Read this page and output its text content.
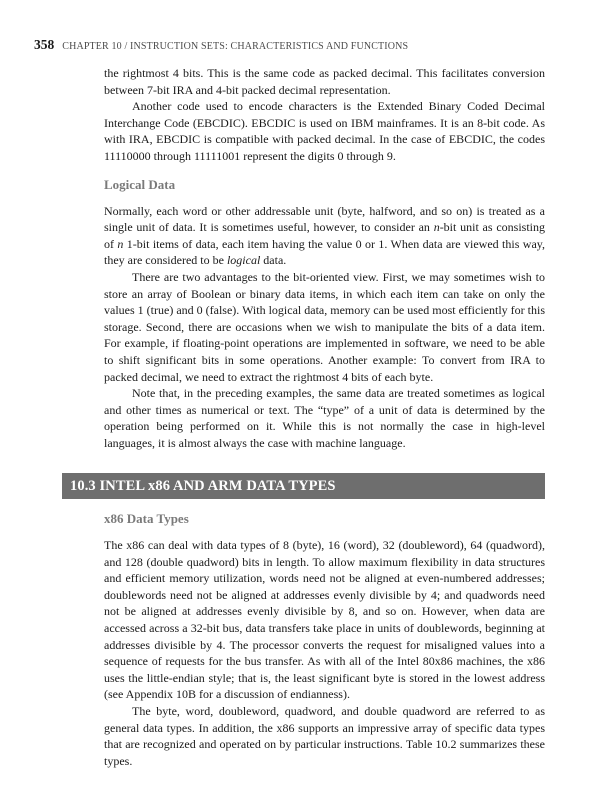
358 CHAPTER 10 / INSTRUCTION SETS: CHARACTERISTICS AND FUNCTIONS

the rightmost 4 bits. This is the same code as packed decimal. This facilitates conversion between 7-bit IRA and 4-bit packed decimal representation.

Another code used to encode characters is the Extended Binary Coded Decimal Interchange Code (EBCDIC). EBCDIC is used on IBM mainframes. It is an 8-bit code. As with IRA, EBCDIC is compatible with packed decimal. In the case of EBCDIC, the codes 11110000 through 11111001 represent the digits 0 through 9.

Logical Data

Normally, each word or other addressable unit (byte, halfword, and so on) is treated as a single unit of data. It is sometimes useful, however, to consider an n-bit unit as consisting of n 1-bit items of data, each item having the value 0 or 1. When data are viewed this way, they are considered to be logical data.

There are two advantages to the bit-oriented view. First, we may sometimes wish to store an array of Boolean or binary data items, in which each item can take on only the values 1 (true) and 0 (false). With logical data, memory can be used most efficiently for this storage. Second, there are occasions when we wish to manipulate the bits of a data item. For example, if floating-point operations are implemented in software, we need to be able to shift significant bits in some operations. Another example: To convert from IRA to packed decimal, we need to extract the rightmost 4 bits of each byte.

Note that, in the preceding examples, the same data are treated sometimes as logical and other times as numerical or text. The “type” of a unit of data is determined by the operation being performed on it. While this is not normally the case in high-level languages, it is almost always the case with machine language.

10.3 INTEL x86 AND ARM DATA TYPES
x86 Data Types

The x86 can deal with data types of 8 (byte), 16 (word), 32 (doubleword), 64 (quadword), and 128 (double quadword) bits in length. To allow maximum flexibility in data structures and efficient memory utilization, words need not be aligned at even-numbered addresses; doublewords need not be aligned at addresses evenly divisible by 4; and quadwords need not be aligned at addresses evenly divisible by 8, and so on. However, when data are accessed across a 32-bit bus, data transfers take place in units of doublewords, beginning at addresses divisible by 4. The processor converts the request for misaligned values into a sequence of requests for the bus transfer. As with all of the Intel 80x86 machines, the x86 uses the little-endian style; that is, the least significant byte is stored in the lowest address (see Appendix 10B for a discussion of endianness).

The byte, word, doubleword, quadword, and double quadword are referred to as general data types. In addition, the x86 supports an impressive array of specific data types that are recognized and operated on by particular instructions. Table 10.2 summarizes these types.
